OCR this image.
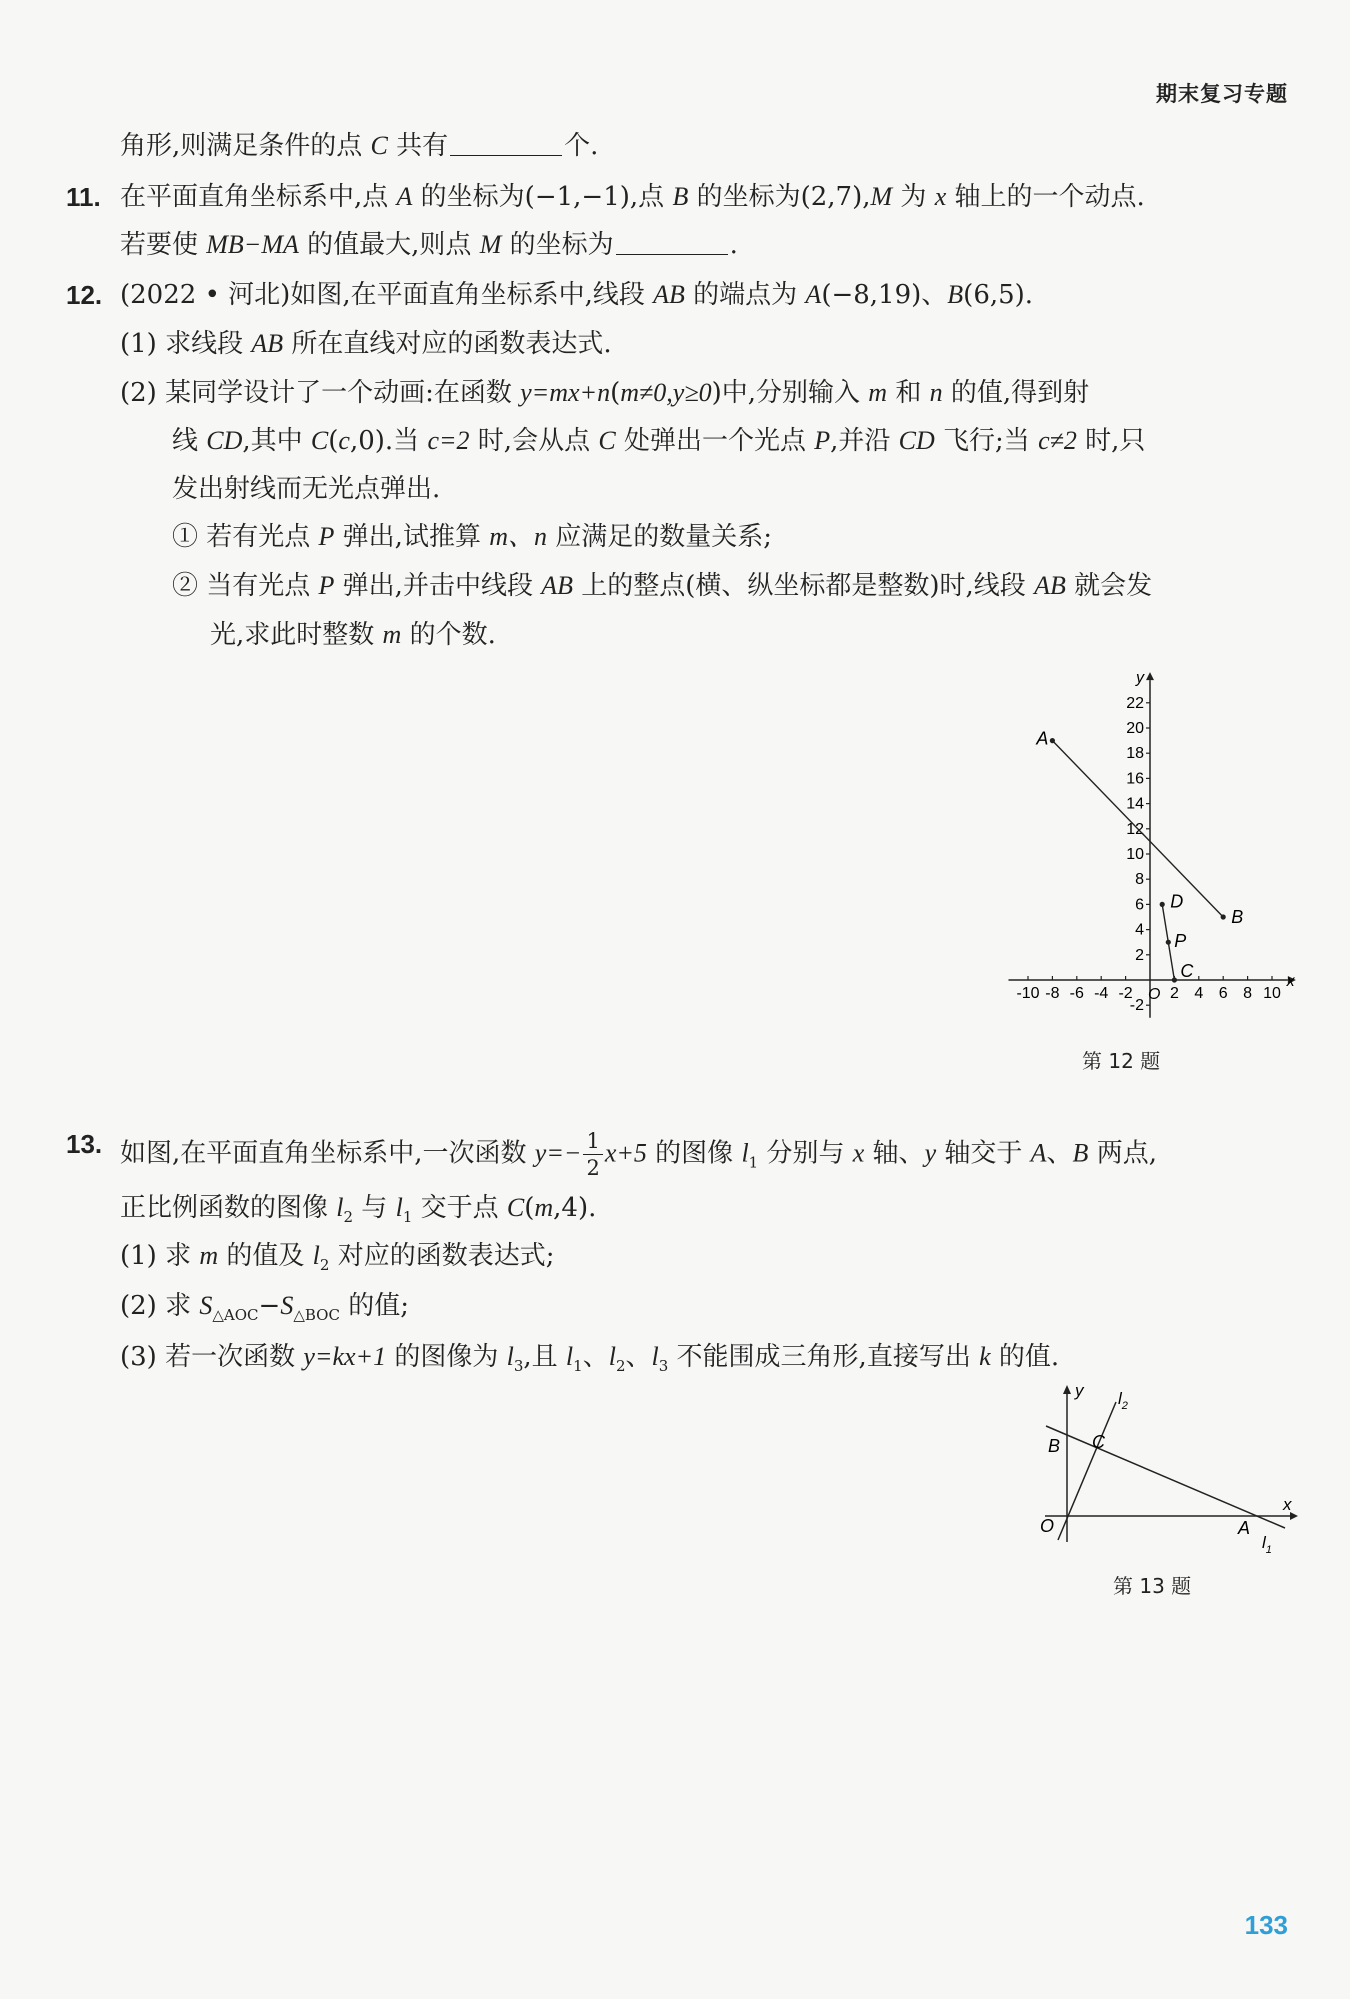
期末复习专题
角形,则满足条件的点 C 共有	个.
11. 在平面直角坐标系中,点 A 的坐标为(−1,−1),点 B 的坐标为(2,7),M 为 x 轴上的一个动点.
若要使 MB−MA 的值最大,则点 M 的坐标为	.
12. (2022 • 河北)如图,在平面直角坐标系中,线段 AB 的端点为 A(−8,19)、B(6,5).
(1) 求线段 AB 所在直线对应的函数表达式.
(2) 某同学设计了一个动画:在函数 y=mx+n(m≠0,y≥0)中,分别输入 m 和 n 的值,得到射
线 CD,其中 C(c,0).当 c=2 时,会从点 C 处弹出一个光点 P,并沿 CD 飞行;当 c≠2 时,只
发出射线而无光点弹出.
① 若有光点 P 弹出,试推算 m、n 应满足的数量关系;
② 当有光点 P 弹出,并击中线段 AB 上的整点(横、纵坐标都是整数)时,线段 AB 就会发
光,求此时整数 m 的个数.
x
y
O
-10 -8 -6 -4 -2 2 4 6 8 10
-2
2
4
6
8
10
12
14
16
18
20
22
A
B
C
D
P
第 12 题
13. 如图,在平面直角坐标系中,一次函数 $y=- \frac{1}{2} x+5$ 的图像 $l_1$ 分别与 x 轴、y 轴交于 A、B 两点,
正比例函数的图像 $l_2$ 与 $l_1$ 交于点 C(m,4).
(1) 求 m 的值及 $l_2$ 对应的函数表达式;
(2) 求 $S_{\triangle AOC}-S_{\triangle BOC}$ 的值;
(3) 若一次函数 y=kx+1 的图像为 $l_3$,且 $l_1$、$l_2$、$l_3$ 不能围成三角形,直接写出 k 的值.
y
x
O
B C
A
$l_2$
$l_1$
第 13 题
133
